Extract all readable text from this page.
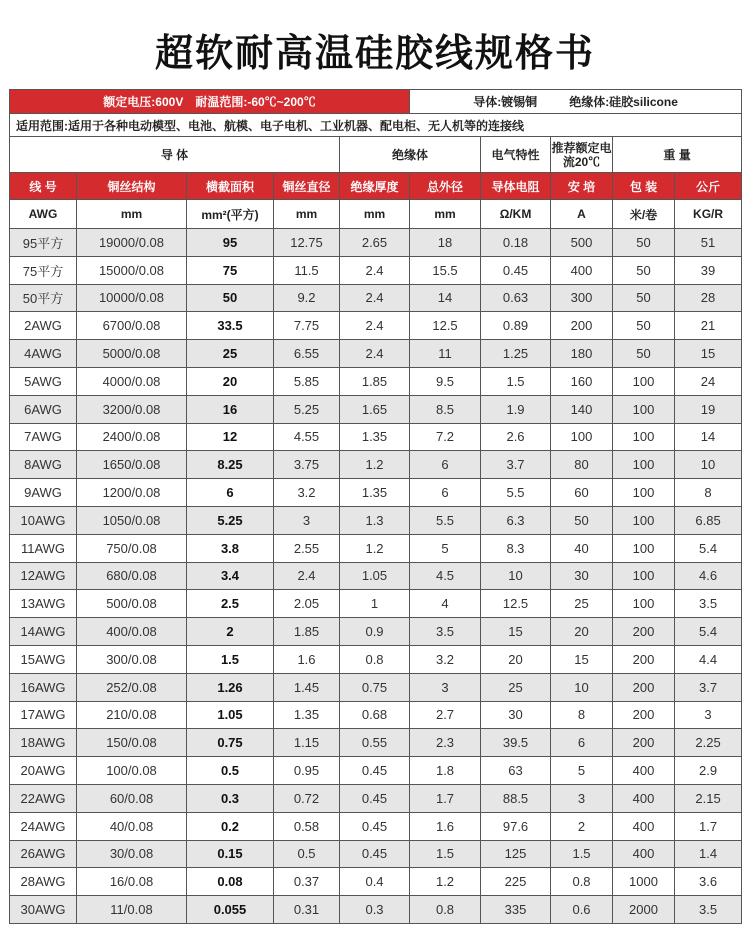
超软耐高温硅胶线规格书
额定电压:600V 耐温范围:-60℃~200℃					导体:镀锡铜 绝缘体:硅胶silicone				
适用范围:适用于各种电动模型、电池、航模、电子电机、工业机器、配电柜、无人机等的连接线									
导 体				绝缘体		电气特性	推荐额定电流20℃	重 量	
线 号	铜丝结构	横截面积	铜丝直径	绝缘厚度	总外径	导体电阻	安 培	包 装	公斤
AWG	mm	mm²(平方)	mm	mm	mm	Ω/KM	A	米/卷	KG/R
95平方	19000/0.08	95	12.75	2.65	18	0.18	500	50	51
75平方	15000/0.08	75	11.5	2.4	15.5	0.45	400	50	39
50平方	10000/0.08	50	9.2	2.4	14	0.63	300	50	28
2AWG	6700/0.08	33.5	7.75	2.4	12.5	0.89	200	50	21
4AWG	5000/0.08	25	6.55	2.4	11	1.25	180	50	15
5AWG	4000/0.08	20	5.85	1.85	9.5	1.5	160	100	24
6AWG	3200/0.08	16	5.25	1.65	8.5	1.9	140	100	19
7AWG	2400/0.08	12	4.55	1.35	7.2	2.6	100	100	14
8AWG	1650/0.08	8.25	3.75	1.2	6	3.7	80	100	10
9AWG	1200/0.08	6	3.2	1.35	6	5.5	60	100	8
10AWG	1050/0.08	5.25	3	1.3	5.5	6.3	50	100	6.85
11AWG	750/0.08	3.8	2.55	1.2	5	8.3	40	100	5.4
12AWG	680/0.08	3.4	2.4	1.05	4.5	10	30	100	4.6
13AWG	500/0.08	2.5	2.05	1	4	12.5	25	100	3.5
14AWG	400/0.08	2	1.85	0.9	3.5	15	20	200	5.4
15AWG	300/0.08	1.5	1.6	0.8	3.2	20	15	200	4.4
16AWG	252/0.08	1.26	1.45	0.75	3	25	10	200	3.7
17AWG	210/0.08	1.05	1.35	0.68	2.7	30	8	200	3
18AWG	150/0.08	0.75	1.15	0.55	2.3	39.5	6	200	2.25
20AWG	100/0.08	0.5	0.95	0.45	1.8	63	5	400	2.9
22AWG	60/0.08	0.3	0.72	0.45	1.7	88.5	3	400	2.15
24AWG	40/0.08	0.2	0.58	0.45	1.6	97.6	2	400	1.7
26AWG	30/0.08	0.15	0.5	0.45	1.5	125	1.5	400	1.4
28AWG	16/0.08	0.08	0.37	0.4	1.2	225	0.8	1000	3.6
30AWG	11/0.08	0.055	0.31	0.3	0.8	335	0.6	2000	3.5
